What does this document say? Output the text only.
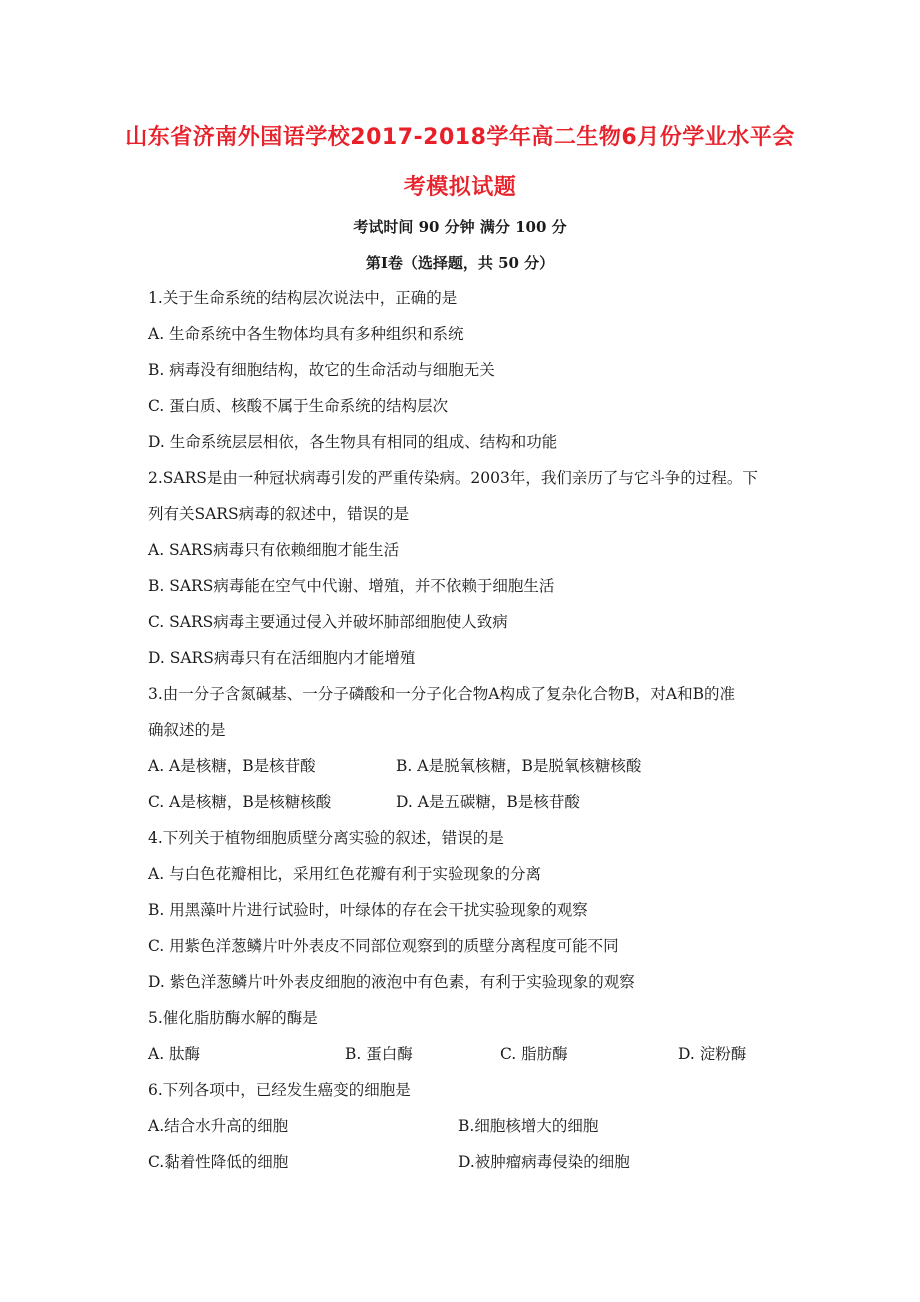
山东省济南外国语学校2017-2018学年高二生物6月份学业水平会
考模拟试题
考试时间 90 分钟 满分 100 分
第Ⅰ卷（选择题，共 50 分）
1.关于生命系统的结构层次说法中，正确的是
A. 生命系统中各生物体均具有多种组织和系统
B. 病毒没有细胞结构，故它的生命活动与细胞无关
C. 蛋白质、核酸不属于生命系统的结构层次
D. 生命系统层层相依，各生物具有相同的组成、结构和功能
2.SARS是由一种冠状病毒引发的严重传染病。2003年，我们亲历了与它斗争的过程。下
列有关SARS病毒的叙述中，错误的是
A. SARS病毒只有依赖细胞才能生活
B. SARS病毒能在空气中代谢、增殖，并不依赖于细胞生活
C. SARS病毒主要通过侵入并破坏肺部细胞使人致病
D. SARS病毒只有在活细胞内才能增殖
3.由一分子含氮碱基、一分子磷酸和一分子化合物A构成了复杂化合物B，对A和B的准
确叙述的是
A. A是核糖，B是核苷酸	B. A是脱氧核糖，B是脱氧核糖核酸
C. A是核糖，B是核糖核酸	D. A是五碳糖，B是核苷酸
4.下列关于植物细胞质壁分离实验的叙述，错误的是
A. 与白色花瓣相比，采用红色花瓣有利于实验现象的分离
B. 用黑藻叶片进行试验时，叶绿体的存在会干扰实验现象的观察
C. 用紫色洋葱鳞片叶外表皮不同部位观察到的质壁分离程度可能不同
D. 紫色洋葱鳞片叶外表皮细胞的液泡中有色素，有利于实验现象的观察
5.催化脂肪酶水解的酶是
A. 肽酶	B. 蛋白酶	C. 脂肪酶	D. 淀粉酶
6.下列各项中，已经发生癌变的细胞是
A.结合水升高的细胞	B.细胞核增大的细胞
C.黏着性降低的细胞	D.被肿瘤病毒侵染的细胞
